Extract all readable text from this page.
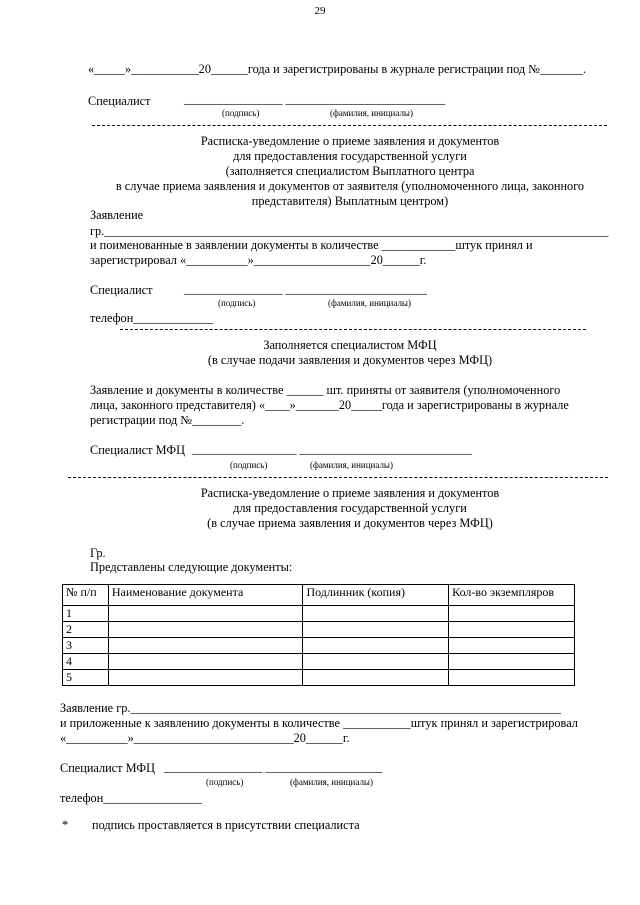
29
«_____»___________20______года и зарегистрированы в журнале регистрации под №_______.
Специалист	________________ __________________________
(подпись)	(фамилия, инициалы)
Расписка-уведомление о приеме заявления и документов
для предоставления государственной услуги
(заполняется специалистом Выплатного центра
в случае приема заявления и документов от заявителя (уполномоченного лица, законного
представителя) Выплатным центром)
Заявление
гр.__________________________________________________________________________________
и поименованные в заявлении документы в количестве ____________штук принял и
зарегистрировал «__________»___________________20______г.
Специалист	________________ _______________________
(подпись)	(фамилия, инициалы)
телефон_____________
Заполняется специалистом МФЦ
(в случае подачи заявления и документов через МФЦ)
Заявление и документы в количестве ______ шт. приняты от заявителя (уполномоченного
лица, законного представителя) «____»_______20_____года и зарегистрированы в журнале
регистрации под №________.
Специалист МФЦ _________________ ____________________________
(подпись)	(фамилия, инициалы)
Расписка-уведомление о приеме заявления и документов
для предоставления государственной услуги
(в случае приема заявления и документов через МФЦ)
Гр.
Представлены следующие документы:
№ п/п	Наименование документа	Подлинник (копия)	Кол-во экземпляров
1			
2			
3			
4			
5			
Заявление гр.______________________________________________________________________
и приложенные к заявлению документы в количестве ___________штук принял и зарегистрировал
«__________»__________________________20______г.
Специалист МФЦ ________________ ___________________
(подпись)	(фамилия, инициалы)
телефон________________
* подпись проставляется в присутствии специалиста
